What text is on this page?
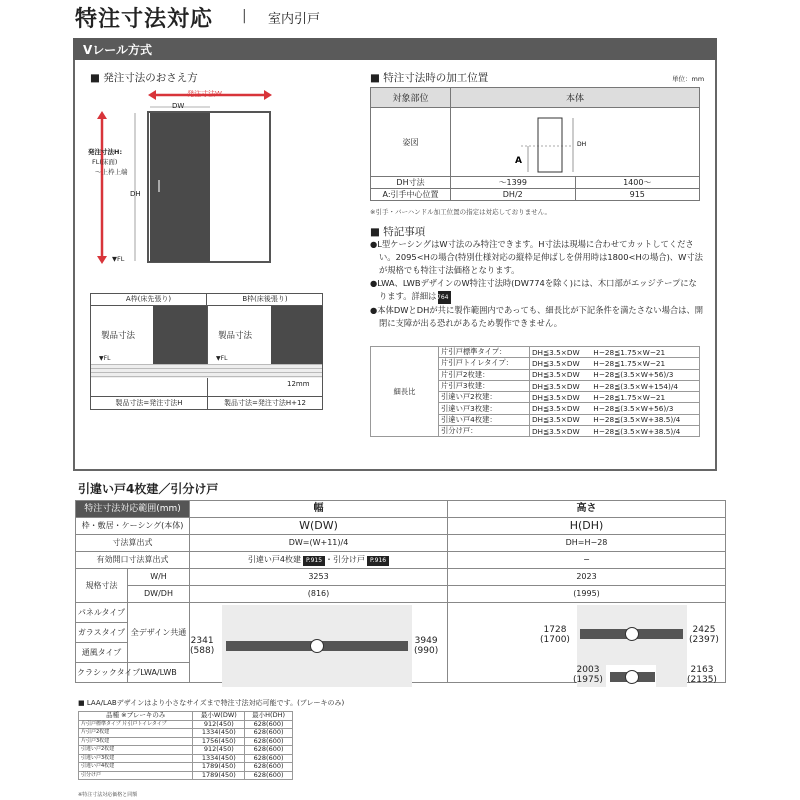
特注寸法対応 | 室内引戸
Vレール方式
■ 発注寸法のおさえ方
発注寸法W
DW
DH
発注寸法H:
FL(床面)
〜上枠上端
▼FL
A枠(床先張り)	B枠(床後張り)
製品寸法	製品寸法
▼FL	▼FL
12mm
製品寸法=発注寸法H	製品寸法=発注寸法H+12
■ 特注寸法時の加工位置	単位：mm
対象部位	本体	
姿図	A
DH	

DH寸法	〜1399	1400〜
A:引手中心位置	DH/2	915
※引手・バーハンドル加工位置の指定は対応しておりません。
■ 特記事項

●L型ケーシングはW寸法のみ特注できます。H寸法は現場に合わせてカットしてください。2095<Hの場合(特別仕様対応の縦枠足伸ばしを併用時は1800<Hの場合)、W寸法が規格でも特注寸法価格となります。

●LWA、LWBデザインのW特注寸法時(DW774を除く)には、木口部がエッジテープになります。詳細はP.764

●本体DWとDHが共に製作範囲内であっても、細長比が下記条件を満たさない場合は、開閉に支障が出る恐れがあるため製作できません。

細長比	片引戸標準タイプ：	DH≦3.5×DW	H−28≦1.75×W−21
	片引戸トイレタイプ：	DH≦3.5×DW	H−28≦1.75×W−21
	片引戸2枚建：	DH≦3.5×DW	H−28≦(3.5×W+56)/3
	片引戸3枚建：	DH≦3.5×DW	H−28≦(3.5×W+154)/4
	引違い戸2枚建：	DH≦3.5×DW	H−28≦1.75×W−21
	引違い戸3枚建：	DH≦3.5×DW	H−28≦(3.5×W+56)/3
	引違い戸4枚建：	DH≦3.5×DW	H−28≦(3.5×W+38.5)/4
	引分け戸：	DH≦3.5×DW	H−28≦(3.5×W+38.5)/4
引違い戸4枚建／引分け戸
特注寸法対応範囲(mm)		幅	高さ
枠・敷居・ケーシング(本体)		W(DW)	H(DH)
寸法算出式		DW=(W+11)/4	DH=H−28
有効開口寸法算出式		引違い戸4枚建 P.915 ・引分け戸 P.916	−
規格寸法	W/H	3253	2023
	DW/DH	(816)	(1995)
パネルタイプ	全デザイン共通		
ガラスタイプ			
通風タイプ			
クラシックタイプ	LWA/LWB		
2341
(588)
3949
(990)
1728
(1700)
2425
(2397)
2003
(1975)
2163
(2135)
■ LAA/LABデザインはより小さなサイズまで特注寸法対応可能です。(ブレーキのみ)
品種 ※ブレーキのみ	最小W(DW)	最小H(DH)
片引戸標準タイプ 片引戸トイレタイプ	912(450)	628(600)
片引戸2枚建	1334(450)	628(600)
片引戸3枚建	1756(450)	628(600)
引違い戸2枚建	912(450)	628(600)
引違い戸3枚建	1334(450)	628(600)
引違い戸4枚建	1789(450)	628(600)
引分け戸	1789(450)	628(600)
※特注寸法対応価格と同額
